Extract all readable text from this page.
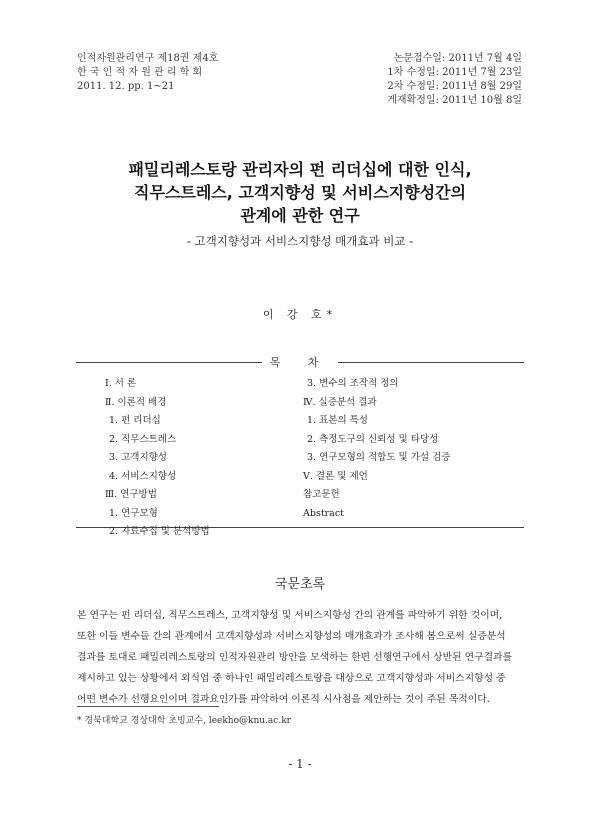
인적자원관리연구 제18권 제4호
한 국 인 적 자 원 관 리 학 회
2011. 12. pp. 1~21
논문접수일: 2011년 7월 4일
1차 수정일: 2011년 7월 23일
2차 수정일: 2011년 8월 29일
게재확정일: 2011년 10월 8일
패밀리레스토랑 관리자의 펀 리더십에 대한 인식,
직무스트레스, 고객지향성 및 서비스지향성간의
관계에 관한 연구
- 고객지향성과 서비스지향성 매개효과 비교 -
이 강 호*
목 차
Ⅰ. 서 론
Ⅱ. 이론적 배경
1. 펀 리더십
2. 직무스트레스
3. 고객지향성
4. 서비스지향성
Ⅲ. 연구방법
1. 연구모형
2. 자료수집 및 분석방법
3. 변수의 조작적 정의
Ⅳ. 실증분석 결과
1. 표본의 특성
2. 측정도구의 신뢰성 및 타당성
3. 연구모형의 적합도 및 가설 검증
Ⅴ. 결론 및 제언
참고문헌
Abstract
국문초록
본 연구는 펀 리더십, 직무스트레스, 고객지향성 및 서비스지향성 간의 관계를 파악하기 위한 것이며,
또한 이들 변수들 간의 관계에서 고객지향성과 서비스지향성의 매개효과가 조사해 봄으로써 실증분석
결과를 토대로 패밀리레스토랑의 인적자원관리 방안을 모색하는 한편 선행연구에서 상반된 연구결과를
제시하고 있는 상황에서 외식업 중 하나인 패밀리레스토랑을 대상으로 고객지향성과 서비스지향성 중
어떤 변수가 선행요인이며 결과요인가를 파악하여 이론적 시사점을 제안하는 것이 주된 목적이다.
* 경북대학교 경상대학 초빙교수, leekho@knu.ac.kr
- 1 -
